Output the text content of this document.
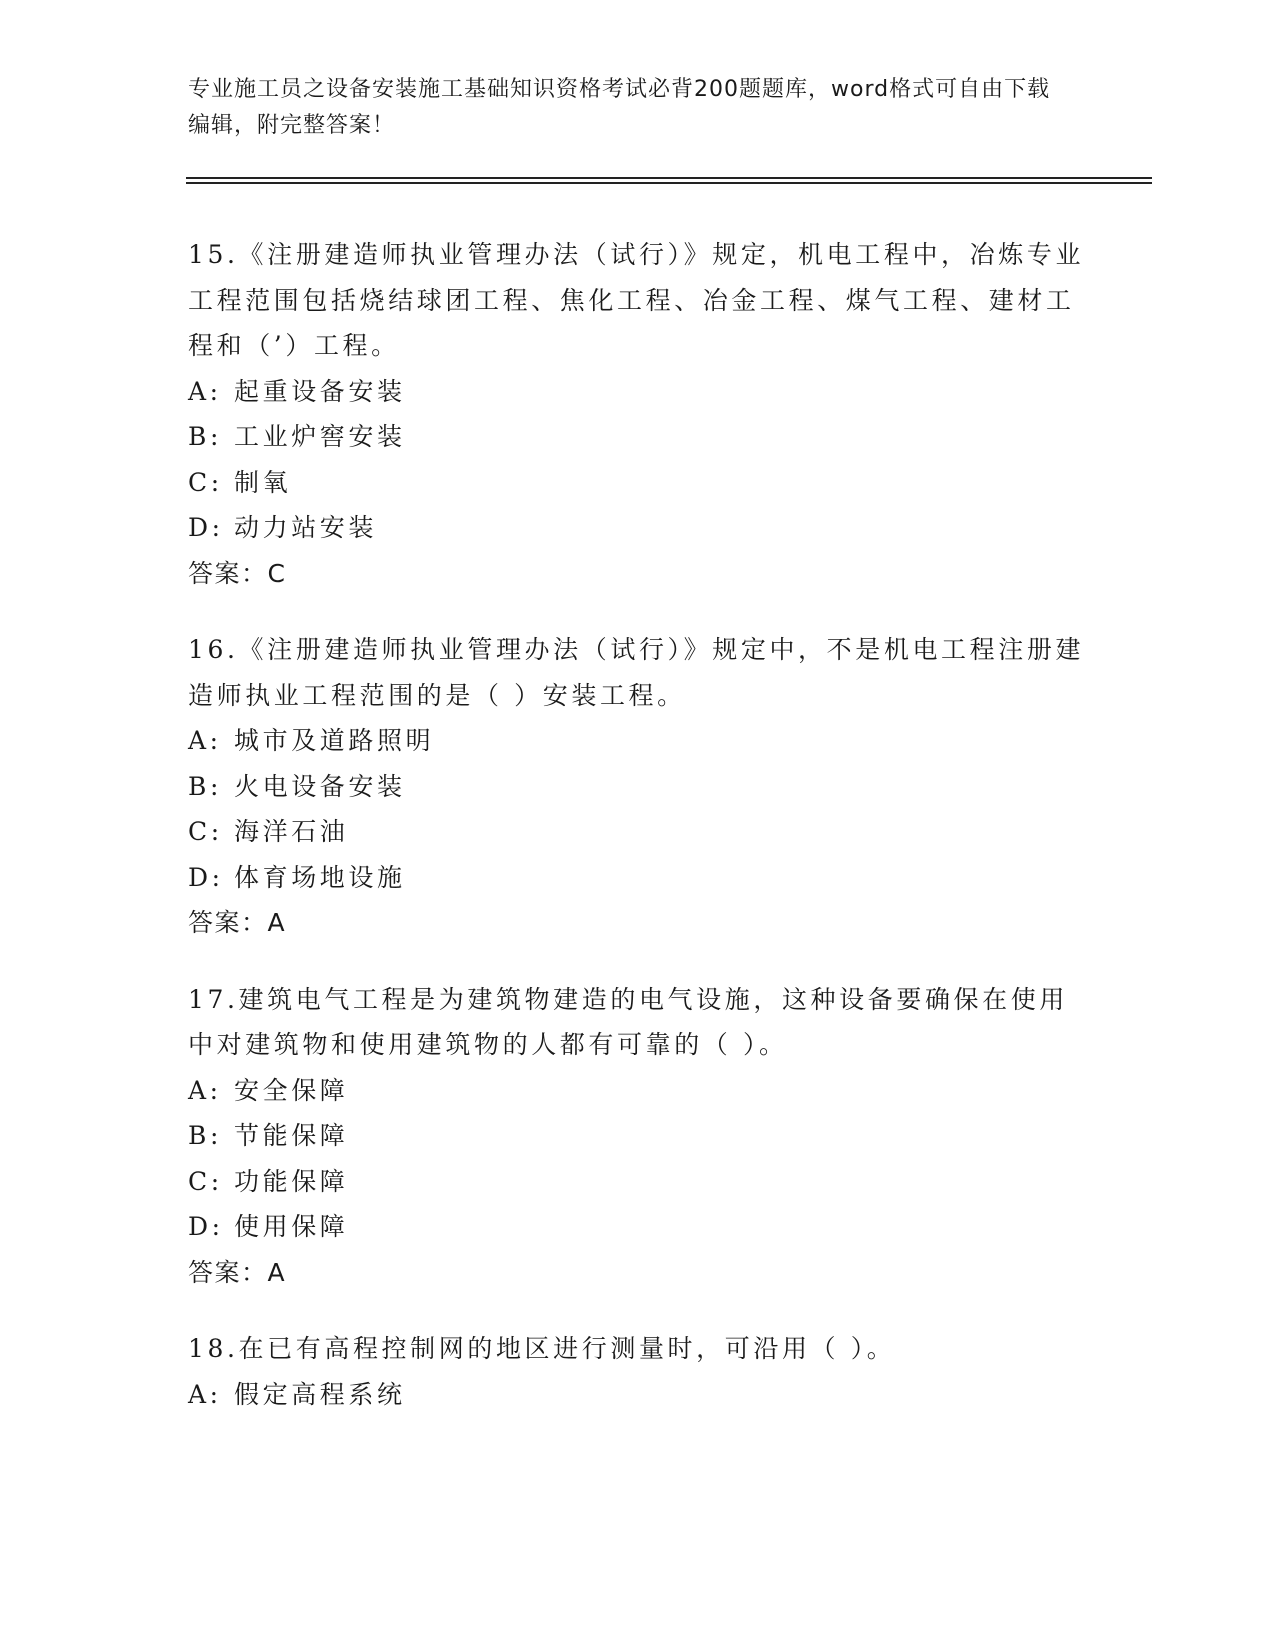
专业施工员之设备安装施工基础知识资格考试必背200题题库，word格式可自由下载编辑，附完整答案！

15.《注册建造师执业管理办法（试行）》规定，机电工程中，冶炼专业工程范围包括烧结球团工程、焦化工程、冶金工程、煤气工程、建材工程和（’）工程。

A: 起重设备安装
B: 工业炉窖安装
C: 制氧
D: 动力站安装

答案：C

16.《注册建造师执业管理办法（试行）》规定中，不是机电工程注册建造师执业工程范围的是（ ）安装工程。

A: 城市及道路照明
B: 火电设备安装
C: 海洋石油
D: 体育场地设施

答案：A

17.建筑电气工程是为建筑物建造的电气设施，这种设备要确保在使用中对建筑物和使用建筑物的人都有可靠的（ ）。

A: 安全保障
B: 节能保障
C: 功能保障
D: 使用保障

答案：A

18.在已有高程控制网的地区进行测量时，可沿用（ ）。

A: 假定高程系统
